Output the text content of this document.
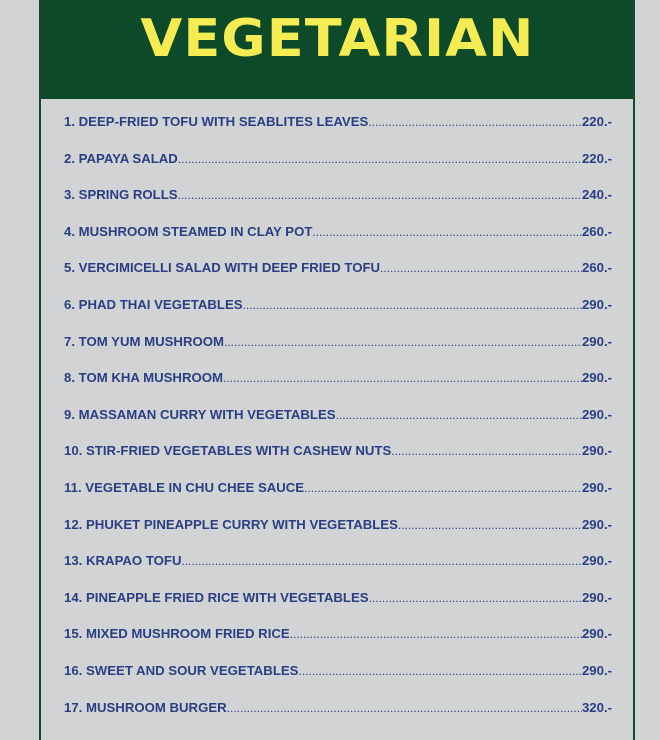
VEGETARIAN
1. DEEP-FRIED TOFU WITH SEABLITES LEAVES .....	220.-
2. PAPAYA SALAD .....	220.-
3. SPRING ROLLS .....	240.-
4. MUSHROOM STEAMED IN CLAY POT .....	260.-
5. VERCIMICELLI SALAD WITH DEEP FRIED TOFU .....	260.-
6. PHAD THAI VEGETABLES .....	290.-
7. TOM YUM MUSHROOM .....	290.-
8. TOM KHA MUSHROOM .....	290.-
9. MASSAMAN CURRY WITH VEGETABLES .....	290.-
10. STIR-FRIED VEGETABLES WITH CASHEW NUTS .....	290.-
11. VEGETABLE IN CHU CHEE SAUCE .....	290.-
12. PHUKET PINEAPPLE CURRY WITH VEGETABLES .....	290.-
13. KRAPAO TOFU .....	290.-
14. PINEAPPLE FRIED RICE WITH VEGETABLES .....	290.-
15. MIXED MUSHROOM FRIED RICE .....	290.-
16. SWEET AND SOUR VEGETABLES .....	290.-
17. MUSHROOM BURGER .....	320.-
